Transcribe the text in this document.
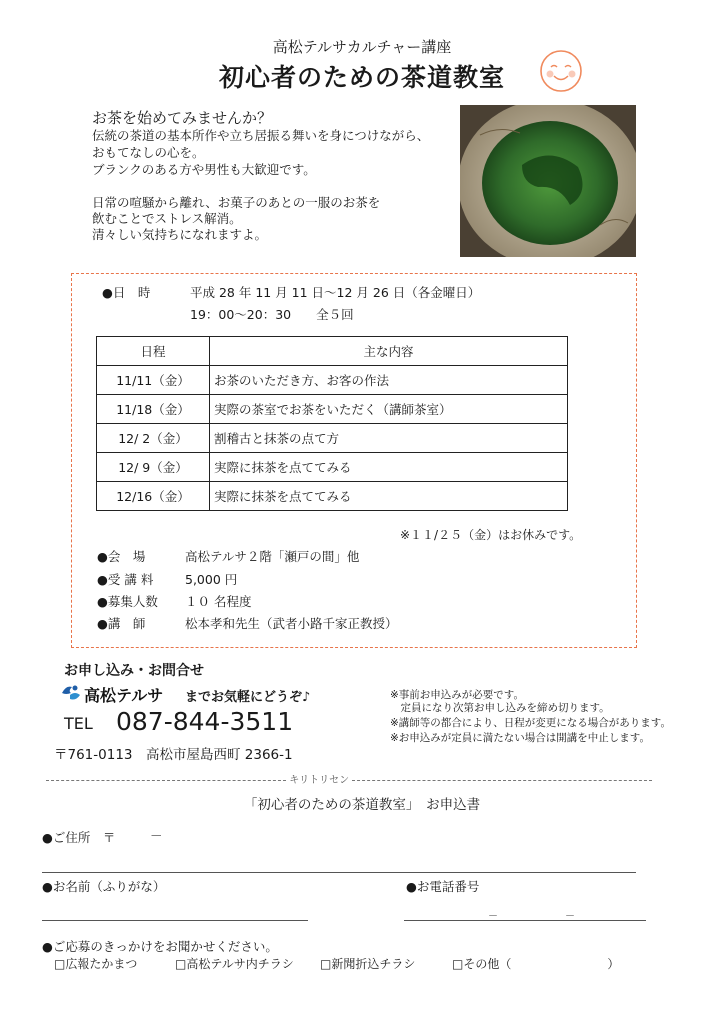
高松テルサカルチャー講座
初心者のための茶道教室
お茶を始めてみませんか？
伝統の茶道の基本所作や立ち居振る舞いを身につけながら、
おもてなしの心を。
ブランクのある方や男性も大歓迎です。
日常の喧騒から離れ、お菓子のあとの一服のお茶を
飲むことでストレス解消。
清々しい気持ちになれますよ。
●日　時	平成 28 年 11 月 11 日～12 月 26 日（各金曜日）
19：00～20：30　　全５回
日程	主な内容
11/11（金）	お茶のいただき方、お客の作法
11/18（金）	実際の茶室でお茶をいただく（講師茶室）
12/ 2（金）	割稽古と抹茶の点て方
12/ 9（金）	実際に抹茶を点ててみる
12/16（金）	実際に抹茶を点ててみる
※１１/２５（金）はお休みです。
●会　場	高松テルサ２階「瀬戸の間」他
●受 講 料	5,000 円
●募集人数 １０ 名程度
●講　師	松本孝和先生（武者小路千家正教授）
お申し込み・お問合せ
高松テルサ までお気軽にどうぞ♪
TEL 087-844-3511
〒761-0113　高松市屋島西町 2366-1
※事前お申込みが必要です。
　定員になり次第お申し込みを締め切ります。
※講師等の都合により、日程が変更になる場合があります。
※お申込みが定員に満たない場合は開講を中止します。
キリトリセン
「初心者のための茶道教室」　お申込書
●ご住所　〒	－
●お名前（ふりがな）	●お電話番号
－	－
●ご応募のきっかけをお聞かせください。
□広報たかまつ	□高松テルサ内チラシ □新聞折込チラシ	□その他（　　　　　　　　）
